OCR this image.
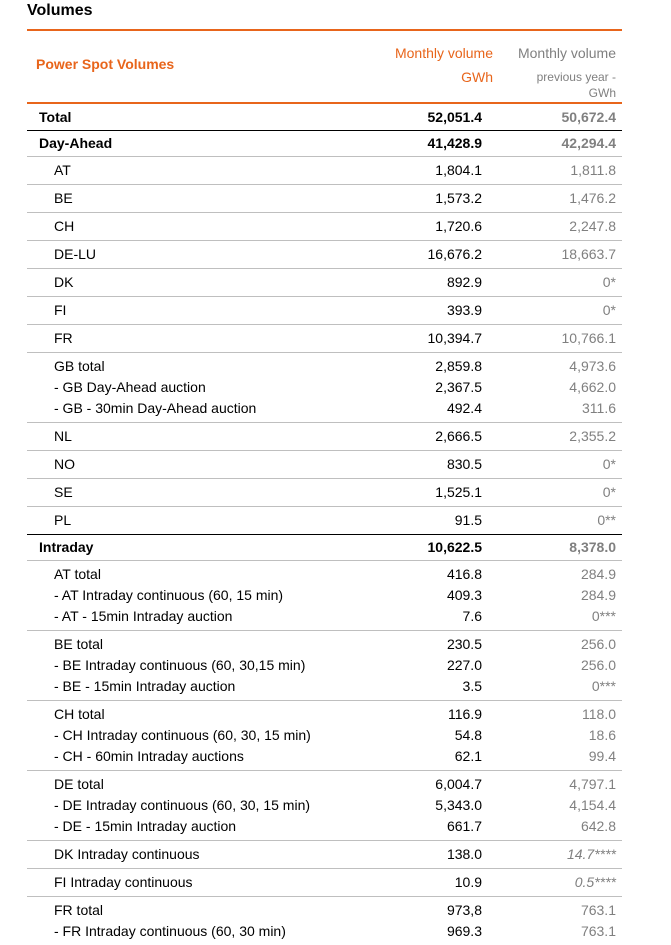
Volumes
Power Spot Volumes
Monthly volume
GWh
Monthly volume
previous year -
GWh
Total	52,051.4	50,672.4
Day-Ahead	41,428.9	42,294.4
AT	1,804.1	1,811.8
BE	1,573.2	1,476.2
CH	1,720.6	2,247.8
DE-LU	16,676.2	18,663.7
DK	892.9	0*
FI	393.9	0*
FR	10,394.7	10,766.1
GB total	2,859.8	4,973.6
- GB Day-Ahead auction	2,367.5	4,662.0
- GB - 30min Day-Ahead auction	492.4	311.6
NL	2,666.5	2,355.2
NO	830.5	0*
SE	1,525.1	0*
PL	91.5	0**
Intraday	10,622.5	8,378.0
AT total	416.8	284.9
- AT Intraday continuous (60, 15 min)	409.3	284.9
- AT - 15min Intraday auction	7.6	0***
BE total	230.5	256.0
- BE Intraday continuous (60, 30,15 min)	227.0	256.0
- BE - 15min Intraday auction	3.5	0***
CH total	116.9	118.0
- CH Intraday continuous (60, 30, 15 min)	54.8	18.6
- CH - 60min Intraday auctions	62.1	99.4
DE total	6,004.7	4,797.1
- DE Intraday continuous (60, 30, 15 min)	5,343.0	4,154.4
- DE - 15min Intraday auction	661.7	642.8
DK Intraday continuous	138.0	14.7****
FI Intraday continuous	10.9	0.5****
FR total	973,8	763.1
- FR Intraday continuous (60, 30 min)	969.3	763.1
